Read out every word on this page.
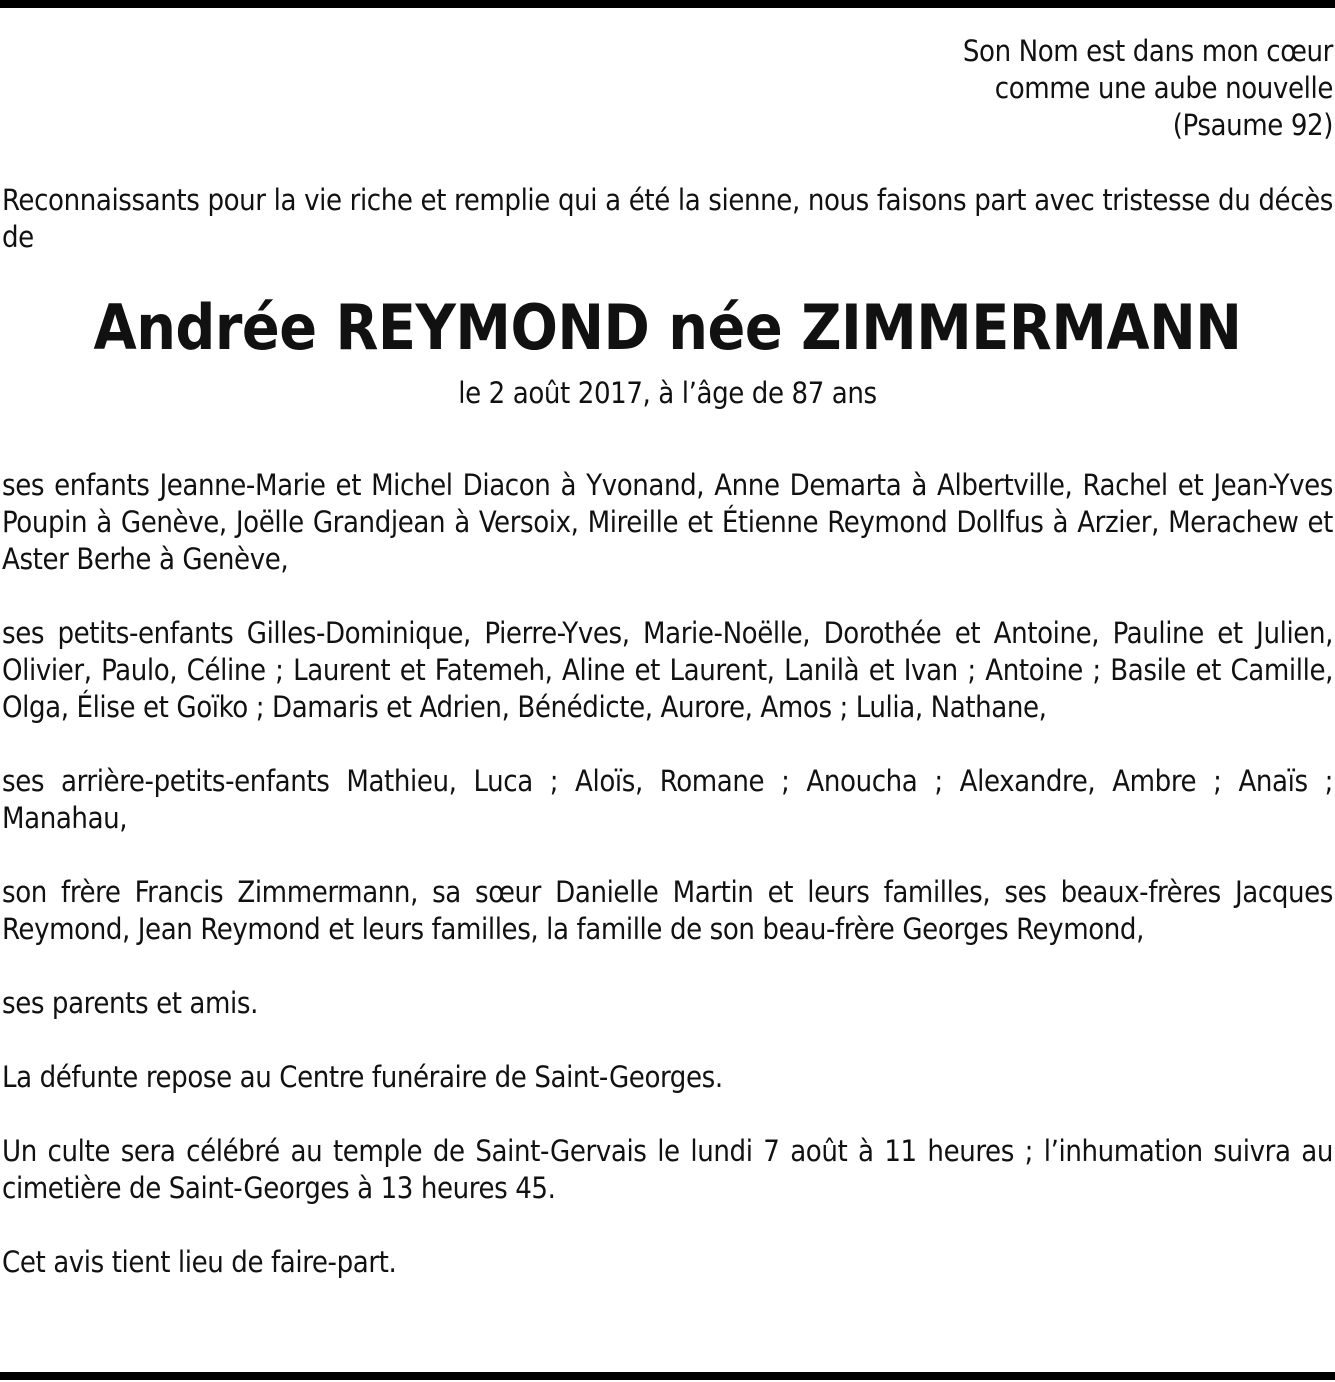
Son Nom est dans mon cœur
comme une aube nouvelle
(Psaume 92)

Reconnaissants pour la vie riche et remplie qui a été la sienne, nous faisons part avec tristesse du décès de

Andrée REYMOND née ZIMMERMANN
le 2 août 2017, à l’âge de 87 ans

ses enfants Jeanne-Marie et Michel Diacon à Yvonand, Anne Demarta à Albertville, Rachel et Jean-Yves Poupin à Genève, Joëlle Grandjean à Versoix, Mireille et Étienne Reymond Dollfus à Arzier, Merachew et Aster Berhe à Genève,

ses petits-enfants Gilles-Dominique, Pierre-Yves, Marie-Noëlle, Dorothée et Antoine, Pauline et Julien, Olivier, Paulo, Céline ; Laurent et Fatemeh, Aline et Laurent, Lanilà et Ivan ; Antoine ; Basile et Camille, Olga, Élise et Goïko ; Damaris et Adrien, Bénédicte, Aurore, Amos ; Lulia, Nathane,

ses arrière-petits-enfants Mathieu, Luca ; Aloïs, Romane ; Anoucha ; Alexandre, Ambre ; Anaïs ; Manahau,

son frère Francis Zimmermann, sa sœur Danielle Martin et leurs familles, ses beaux-frères Jacques Reymond, Jean Reymond et leurs familles, la famille de son beau-frère Georges Reymond,

ses parents et amis.

La défunte repose au Centre funéraire de Saint-Georges.

Un culte sera célébré au temple de Saint-Gervais le lundi 7 août à 11 heures ; l’inhumation suivra au cimetière de Saint-Georges à 13 heures 45.

Cet avis tient lieu de faire-part.
